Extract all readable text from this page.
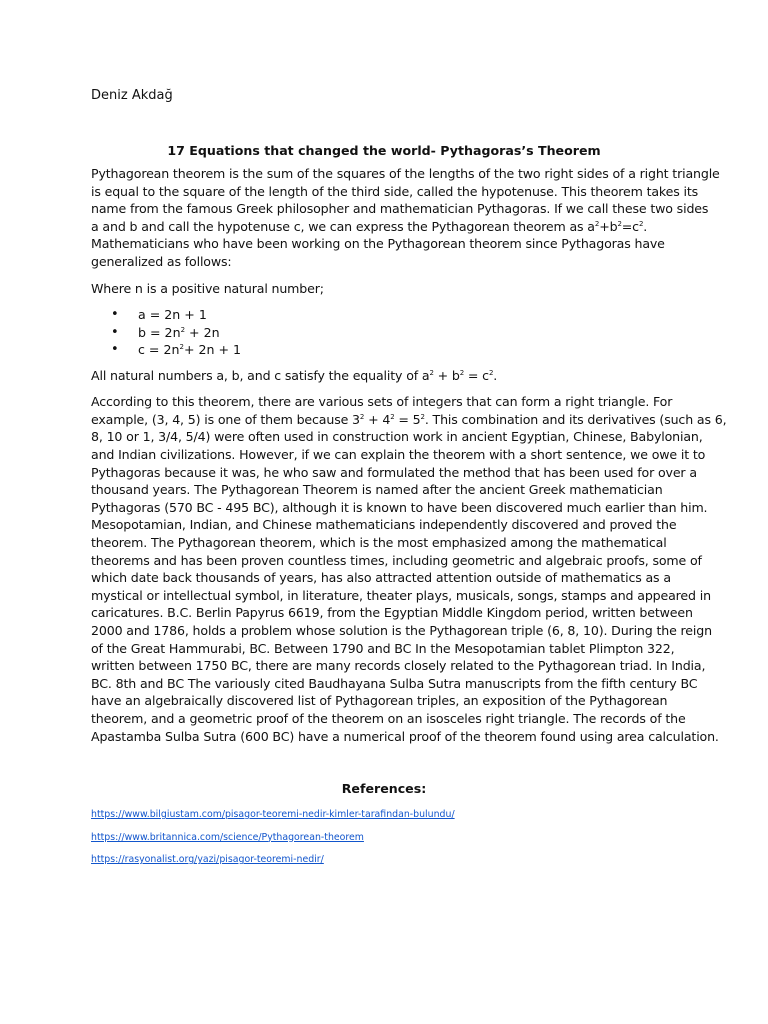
Deniz Akdağ
17 Equations that changed the world- Pythagoras’s Theorem
Pythagorean theorem is the sum of the squares of the lengths of the two right sides of a right triangle
is equal to the square of the length of the third side, called the hypotenuse. This theorem takes its
name from the famous Greek philosopher and mathematician Pythagoras. If we call these two sides
a and b and call the hypotenuse c, we can express the Pythagorean theorem as $a^2+b^2=c^2$.
Mathematicians who have been working on the Pythagorean theorem since Pythagoras have
generalized as follows:
Where n is a positive natural number;
• a = 2n + 1
• $b = 2n^2 + 2n$
• $c = 2n^2+ 2n + 1$
All natural numbers a, b, and c satisfy the equality of $a^2 + b^2 = c^2$.
According to this theorem, there are various sets of integers that can form a right triangle. For
example, (3, 4, 5) is one of them because $3^2 + 4^2 = 5^2$. This combination and its derivatives (such as 6,
8, 10 or 1, 3/4, 5/4) were often used in construction work in ancient Egyptian, Chinese, Babylonian,
and Indian civilizations. However, if we can explain the theorem with a short sentence, we owe it to
Pythagoras because it was, he who saw and formulated the method that has been used for over a
thousand years. The Pythagorean Theorem is named after the ancient Greek mathematician
Pythagoras (570 BC - 495 BC), although it is known to have been discovered much earlier than him.
Mesopotamian, Indian, and Chinese mathematicians independently discovered and proved the
theorem. The Pythagorean theorem, which is the most emphasized among the mathematical
theorems and has been proven countless times, including geometric and algebraic proofs, some of
which date back thousands of years, has also attracted attention outside of mathematics as a
mystical or intellectual symbol, in literature, theater plays, musicals, songs, stamps and appeared in
caricatures. B.C. Berlin Papyrus 6619, from the Egyptian Middle Kingdom period, written between
2000 and 1786, holds a problem whose solution is the Pythagorean triple (6, 8, 10). During the reign
of the Great Hammurabi, BC. Between 1790 and BC In the Mesopotamian tablet Plimpton 322,
written between 1750 BC, there are many records closely related to the Pythagorean triad. In India,
BC. 8th and BC The variously cited Baudhayana Sulba Sutra manuscripts from the fifth century BC
have an algebraically discovered list of Pythagorean triples, an exposition of the Pythagorean
theorem, and a geometric proof of the theorem on an isosceles right triangle. The records of the
Apastamba Sulba Sutra (600 BC) have a numerical proof of the theorem found using area calculation.
References:
https://www.bilgiustam.com/pisagor-teoremi-nedir-kimler-tarafindan-bulundu/
https://www.britannica.com/science/Pythagorean-theorem
https://rasyonalist.org/yazi/pisagor-teoremi-nedir/
